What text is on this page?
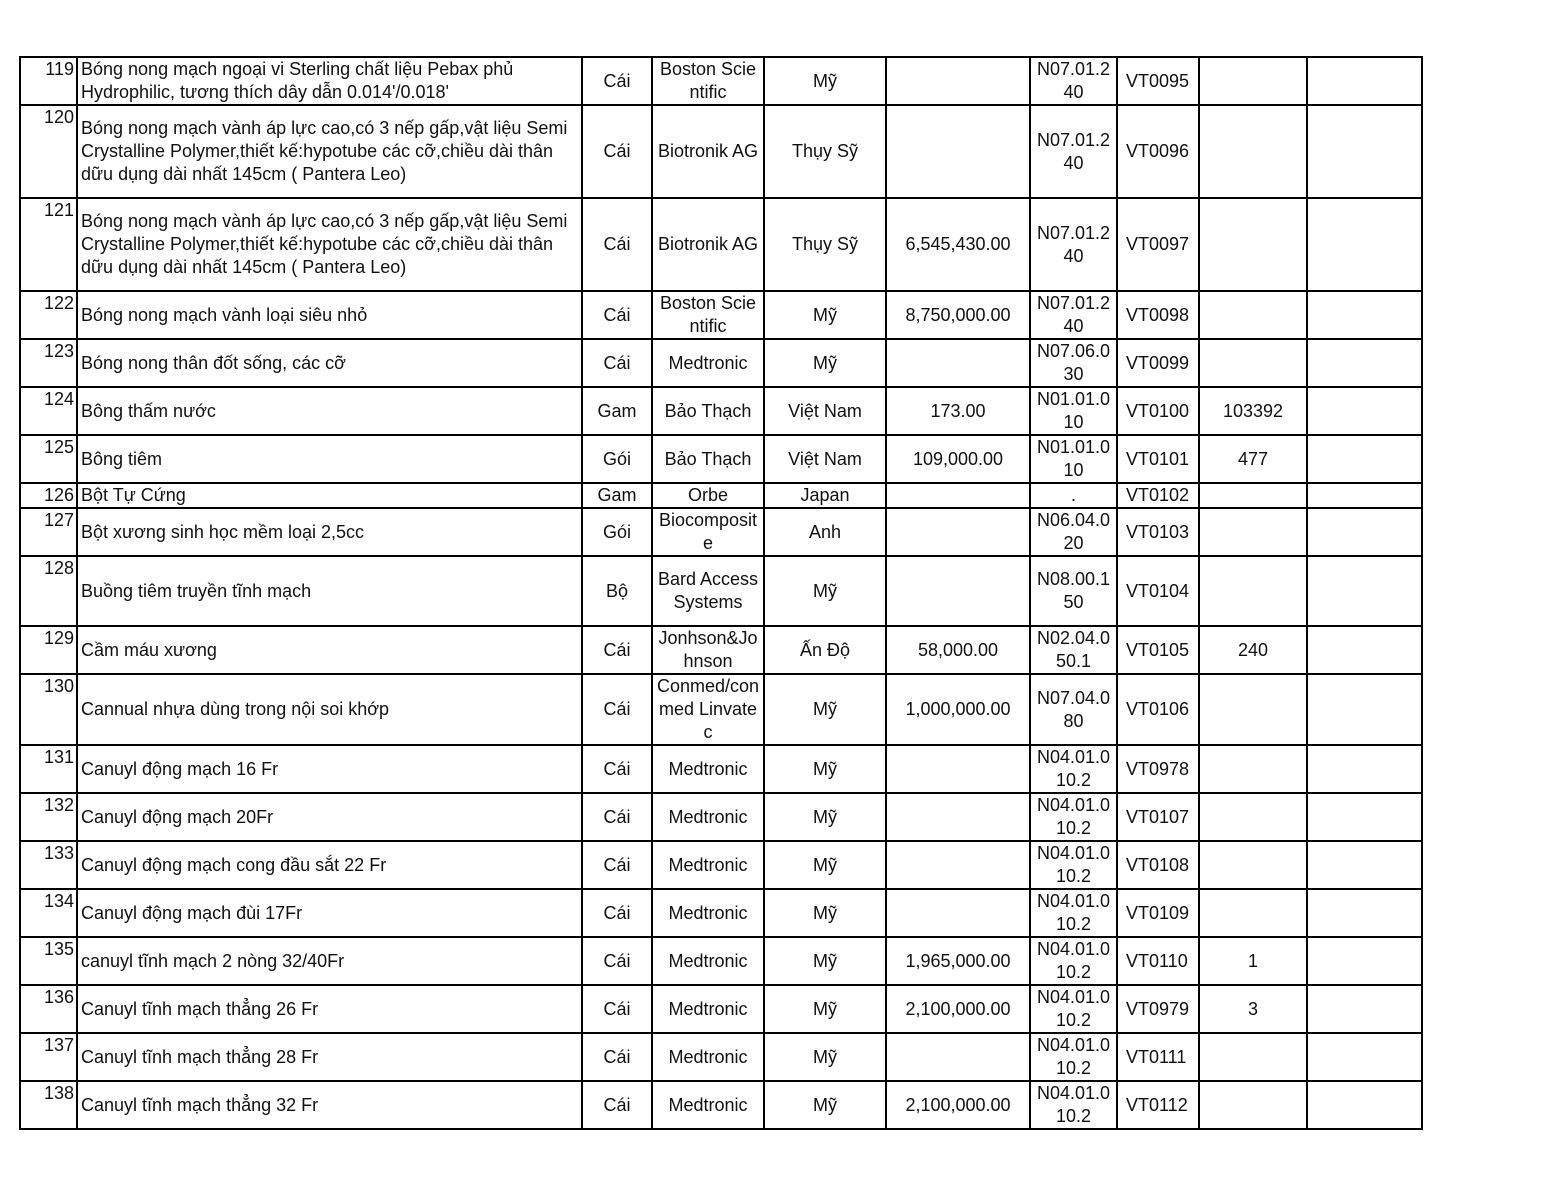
119	Bóng nong mạch ngoại vi Sterling chất liệu Pebax phủ Hydrophilic, tương thích dây dẫn 0.014'/0.018'	Cái	Boston Scientific	Mỹ		N07.01.240	VT0095		
120	Bóng nong mạch vành áp lực cao,có 3 nếp gấp,vật liệu Semi Crystalline Polymer,thiết kế:hypotube các cỡ,chiều dài thân dữu dụng dài nhất 145cm ( Pantera Leo)	Cái	Biotronik AG	Thụy Sỹ		N07.01.240	VT0096		
121	Bóng nong mạch vành áp lực cao,có 3 nếp gấp,vật liệu Semi Crystalline Polymer,thiết kế:hypotube các cỡ,chiều dài thân dữu dụng dài nhất 145cm ( Pantera Leo)	Cái	Biotronik AG	Thụy Sỹ	6,545,430.00	N07.01.240	VT0097		
122	Bóng nong mạch vành loại siêu nhỏ	Cái	Boston Scientific	Mỹ	8,750,000.00	N07.01.240	VT0098		
123	Bóng nong thân đốt sống, các cỡ	Cái	Medtronic	Mỹ		N07.06.030	VT0099		
124	Bông thấm nước	Gam	Bảo Thạch	Việt Nam	173.00	N01.01.010	VT0100	103392	
125	Bông tiêm	Gói	Bảo Thạch	Việt Nam	109,000.00	N01.01.010	VT0101	477	
126	Bột Tự Cứng	Gam	Orbe	Japan		.	VT0102		
127	Bột xương sinh học mềm loại 2,5cc	Gói	Biocomposite	Anh		N06.04.020	VT0103		
128	Buồng tiêm truyền tĩnh mạch	Bộ	Bard Access Systems	Mỹ		N08.00.150	VT0104		
129	Cầm máu xương	Cái	Jonhson&Johnson	Ấn Độ	58,000.00	N02.04.050.1	VT0105	240	
130	Cannual nhựa dùng trong nội soi khớp	Cái	Conmed/conmed Linvatec	Mỹ	1,000,000.00	N07.04.080	VT0106		
131	Canuyl động mạch 16 Fr	Cái	Medtronic	Mỹ		N04.01.010.2	VT0978		
132	Canuyl động mạch 20Fr	Cái	Medtronic	Mỹ		N04.01.010.2	VT0107		
133	Canuyl động mạch cong đầu sắt 22 Fr	Cái	Medtronic	Mỹ		N04.01.010.2	VT0108		
134	Canuyl động mạch đùi 17Fr	Cái	Medtronic	Mỹ		N04.01.010.2	VT0109		
135	canuyl tĩnh mạch 2 nòng 32/40Fr	Cái	Medtronic	Mỹ	1,965,000.00	N04.01.010.2	VT0110	1	
136	Canuyl tĩnh mạch thẳng 26 Fr	Cái	Medtronic	Mỹ	2,100,000.00	N04.01.010.2	VT0979	3	
137	Canuyl tĩnh mạch thẳng 28 Fr	Cái	Medtronic	Mỹ		N04.01.010.2	VT0111		
138	Canuyl tĩnh mạch thẳng 32 Fr	Cái	Medtronic	Mỹ	2,100,000.00	N04.01.010.2	VT0112		
